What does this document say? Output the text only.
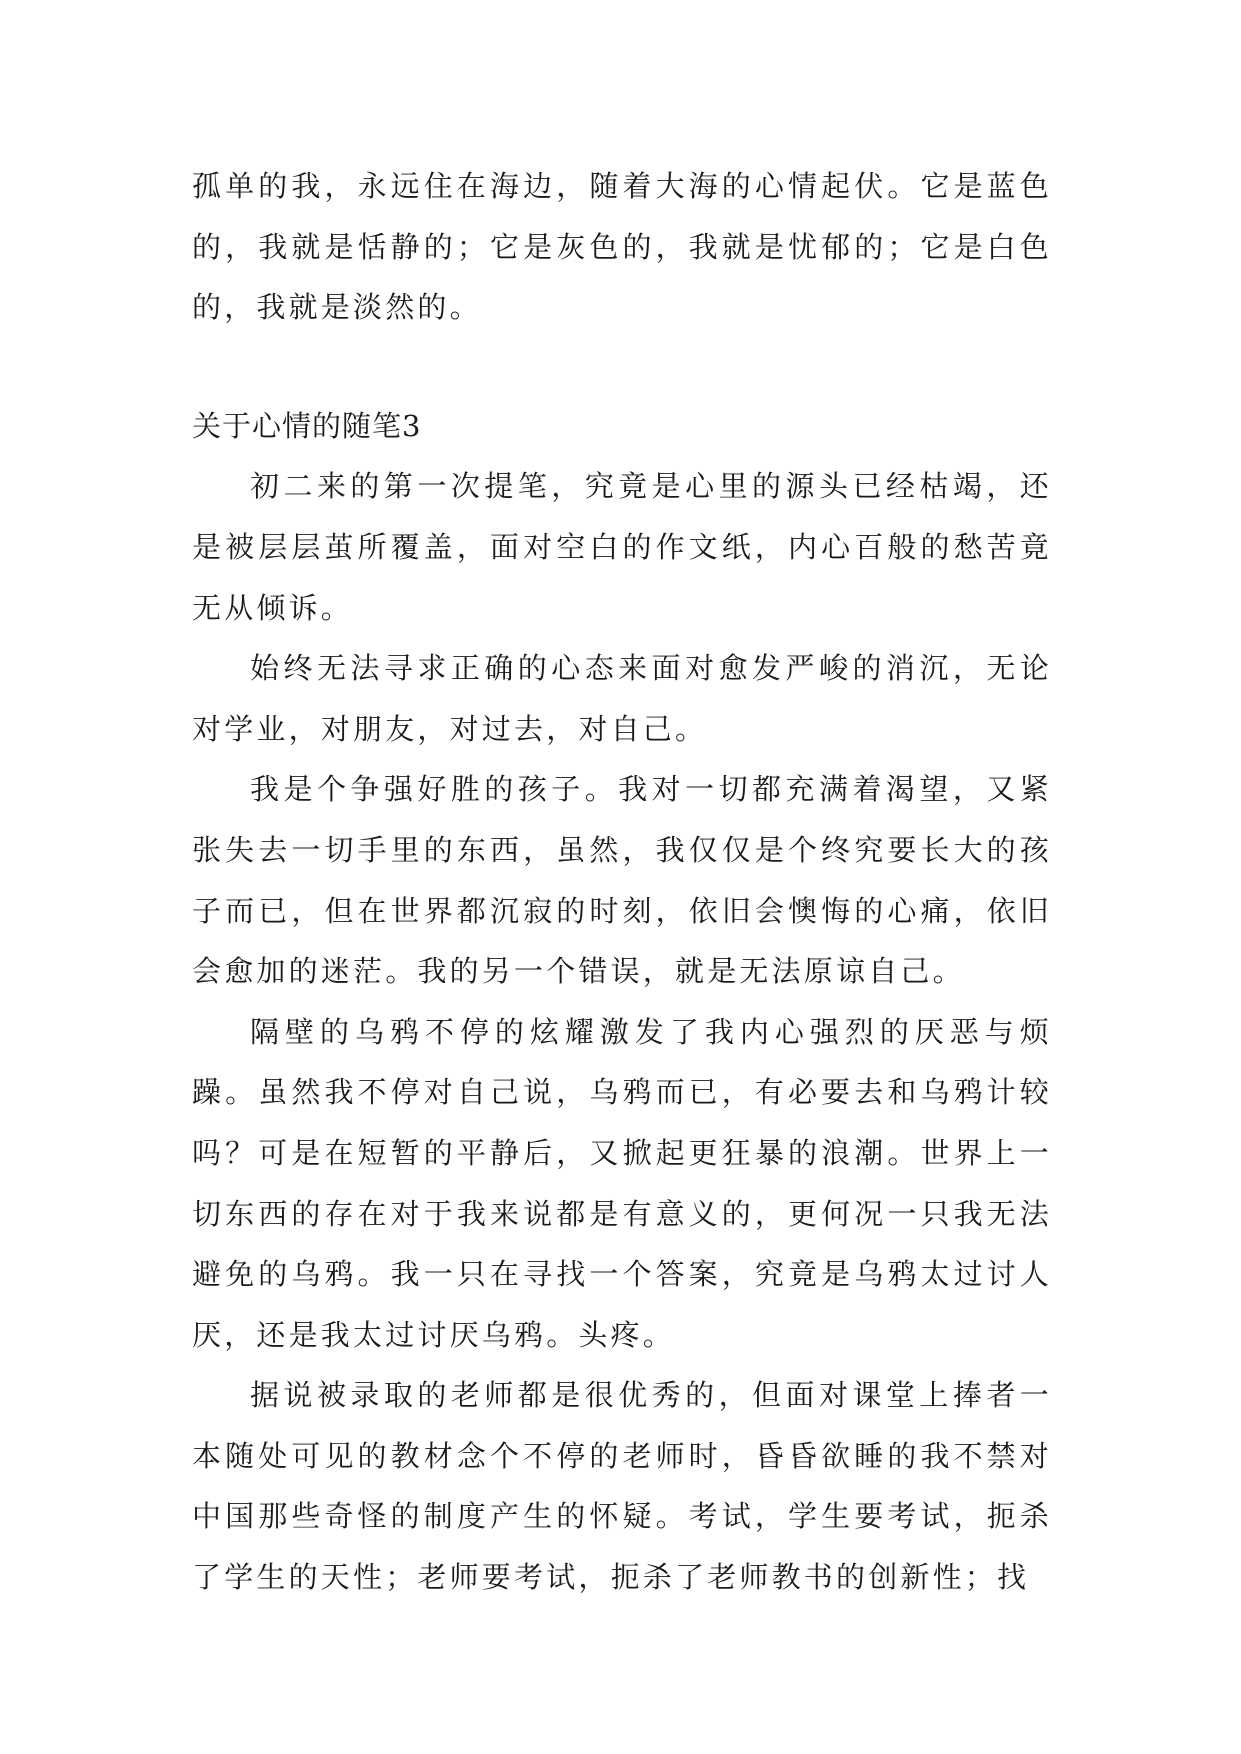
孤单的我，永远住在海边，随着大海的心情起伏。它是蓝色的，我就是恬静的；它是灰色的，我就是忧郁的；它是白色的，我就是淡然的。

关于心情的随笔3

初二来的第一次提笔，究竟是心里的源头已经枯竭，还是被层层茧所覆盖，面对空白的作文纸，内心百般的愁苦竟无从倾诉。

始终无法寻求正确的心态来面对愈发严峻的消沉，无论对学业，对朋友，对过去，对自己。

我是个争强好胜的孩子。我对一切都充满着渴望，又紧张失去一切手里的东西，虽然，我仅仅是个终究要长大的孩子而已，但在世界都沉寂的时刻，依旧会懊悔的心痛，依旧会愈加的迷茫。我的另一个错误，就是无法原谅自己。

隔壁的乌鸦不停的炫耀激发了我内心强烈的厌恶与烦躁。虽然我不停对自己说，乌鸦而已，有必要去和乌鸦计较吗？可是在短暂的平静后，又掀起更狂暴的浪潮。世界上一切东西的存在对于我来说都是有意义的，更何况一只我无法避免的乌鸦。我一只在寻找一个答案，究竟是乌鸦太过讨人厌，还是我太过讨厌乌鸦。头疼。

据说被录取的老师都是很优秀的，但面对课堂上捧者一本随处可见的教材念个不停的老师时，昏昏欲睡的我不禁对中国那些奇怪的制度产生的怀疑。考试，学生要考试，扼杀了学生的天性；老师要考试，扼杀了老师教书的创新性；找
